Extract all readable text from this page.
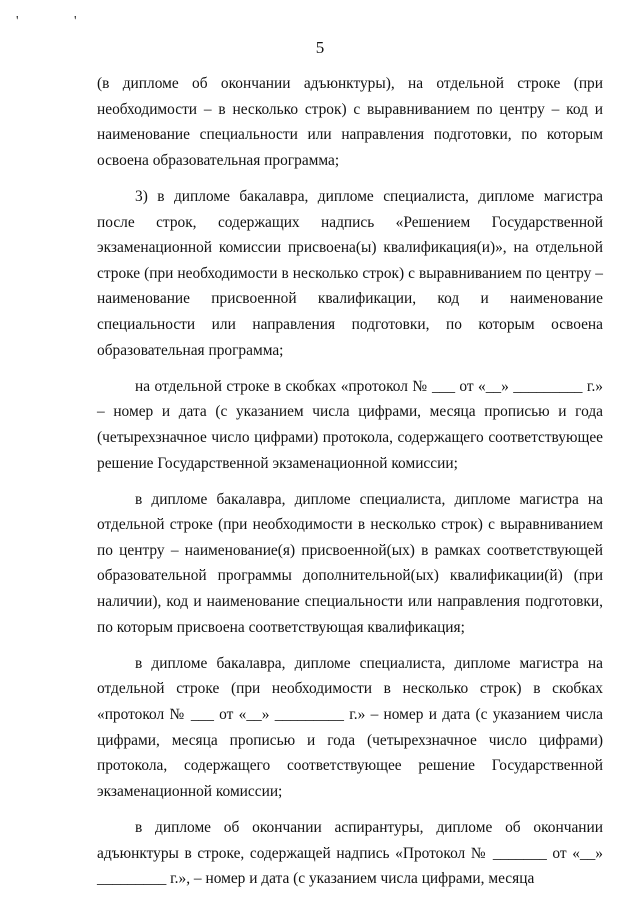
' '
5

(в дипломе об окончании адъюнктуры), на отдельной строке (при необходимости – в несколько строк) с выравниванием по центру – код и наименование специальности или направления подготовки, по которым освоена образовательная программа;

3) в дипломе бакалавра, дипломе специалиста, дипломе магистра после строк, содержащих надпись «Решением Государственной экзаменационной комиссии присвоена(ы) квалификация(и)», на отдельной строке (при необходимости в несколько строк) с выравниванием по центру – наименование присвоенной квалификации, код и наименование специальности или направления подготовки, по которым освоена образовательная программа;

на отдельной строке в скобках «протокол № ___ от «__» _________ г.» – номер и дата (с указанием числа цифрами, месяца прописью и года (четырехзначное число цифрами) протокола, содержащего соответствующее решение Государственной экзаменационной комиссии;

в дипломе бакалавра, дипломе специалиста, дипломе магистра на отдельной строке (при необходимости в несколько строк) с выравниванием по центру – наименование(я) присвоенной(ых) в рамках соответствующей образовательной программы дополнительной(ых) квалификации(й) (при наличии), код и наименование специальности или направления подготовки, по которым присвоена соответствующая квалификация;

в дипломе бакалавра, дипломе специалиста, дипломе магистра на отдельной строке (при необходимости в несколько строк) в скобках «протокол № ___ от «__» _________ г.» – номер и дата (с указанием числа цифрами, месяца прописью и года (четырехзначное число цифрами) протокола, содержащего соответствующее решение Государственной экзаменационной комиссии;

в дипломе об окончании аспирантуры, дипломе об окончании адъюнктуры в строке, содержащей надпись «Протокол № _______ от «__» _________ г.», – номер и дата (с указанием числа цифрами, месяца
